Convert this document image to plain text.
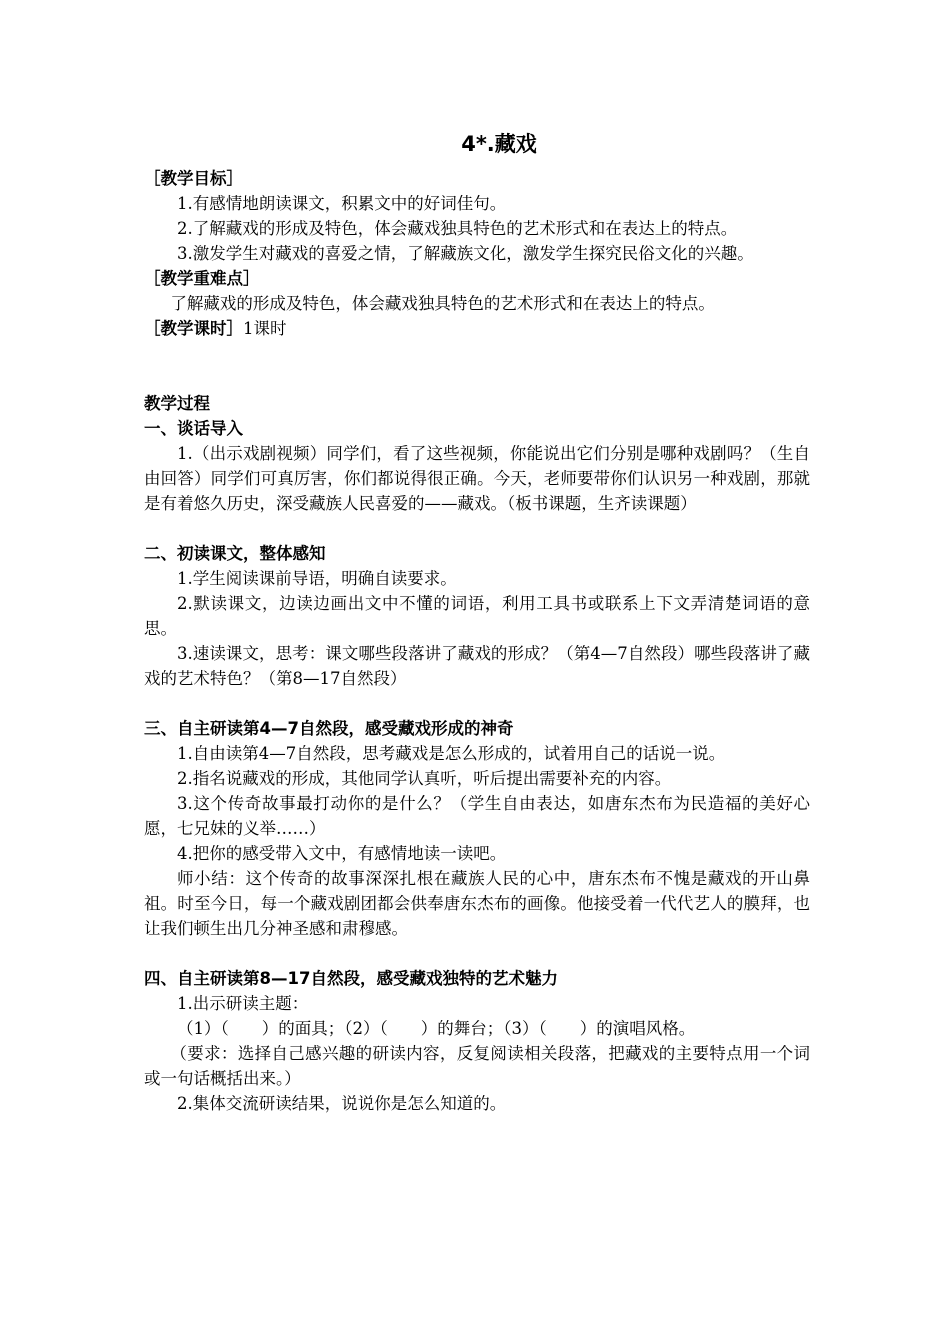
4*.藏戏

［教学目标］

1.有感情地朗读课文，积累文中的好词佳句。

2.了解藏戏的形成及特色，体会藏戏独具特色的艺术形式和在表达上的特点。

3.激发学生对藏戏的喜爱之情，了解藏族文化，激发学生探究民俗文化的兴趣。

［教学重难点］

了解藏戏的形成及特色，体会藏戏独具特色的艺术形式和在表达上的特点。

［教学课时］1课时

教学过程

一、谈话导入

1.（出示戏剧视频）同学们，看了这些视频，你能说出它们分别是哪种戏剧吗？（生自由回答）同学们可真厉害，你们都说得很正确。今天，老师要带你们认识另一种戏剧，那就是有着悠久历史，深受藏族人民喜爱的——藏戏。（板书课题，生齐读课题）

二、初读课文，整体感知

1.学生阅读课前导语，明确自读要求。

2.默读课文，边读边画出文中不懂的词语，利用工具书或联系上下文弄清楚词语的意思。

3.速读课文，思考：课文哪些段落讲了藏戏的形成？（第4—7自然段）哪些段落讲了藏戏的艺术特色？（第8—17自然段）

三、自主研读第4—7自然段，感受藏戏形成的神奇

1.自由读第4—7自然段，思考藏戏是怎么形成的，试着用自己的话说一说。

2.指名说藏戏的形成，其他同学认真听，听后提出需要补充的内容。

3.这个传奇故事最打动你的是什么？（学生自由表达，如唐东杰布为民造福的美好心愿，七兄妹的义举……）

4.把你的感受带入文中，有感情地读一读吧。

师小结：这个传奇的故事深深扎根在藏族人民的心中，唐东杰布不愧是藏戏的开山鼻祖。时至今日，每一个藏戏剧团都会供奉唐东杰布的画像。他接受着一代代艺人的膜拜，也让我们顿生出几分神圣感和肃穆感。

四、自主研读第8—17自然段，感受藏戏独特的艺术魅力

1.出示研读主题：

（1）（　　）的面具；（2）（　　）的舞台；（3）（　　）的演唱风格。

（要求：选择自己感兴趣的研读内容，反复阅读相关段落，把藏戏的主要特点用一个词或一句话概括出来。）

2.集体交流研读结果，说说你是怎么知道的。
